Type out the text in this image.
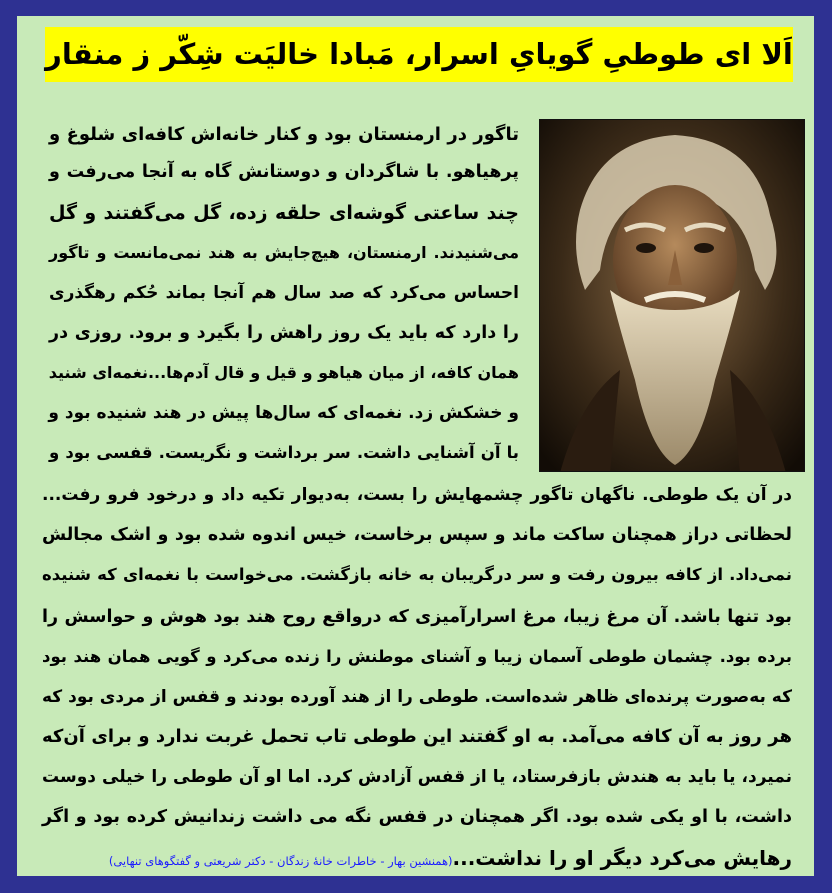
اَلا ای طوطیِ گویایِ اسرار، مَبادا خالیَت شِکّر ز منقار
تاگور در ارمنستان بود و کنار خانه‌اش کافه‌ای شلوغ و
پرهیاهو. با شاگردان و دوستانش گاه به آنجا می‌رفت و
چند ساعتی گوشه‌ای حلقه زده، گل می‌گفتند و گل
می‌شنیدند. ارمنستان، هیچ‌جایش به هند نمی‌مانست و تاگور
احساس می‌کرد که صد سال هم آنجا بماند حُکم رهگذری
را دارد که باید یک روز راهش را بگیرد و برود. روزی در
همان کافه، از میان هیاهو و قیل و قال آدم‌ها...نغمه‌ای شنید
و خشکش زد. نغمه‌ای که سال‌ها پیش در هند شنیده بود و
با آن آشنایی داشت. سر برداشت و نگریست. قفسی بود و
در آن یک طوطی. ناگهان تاگور چشمهایش را بست، به‌دیوار تکیه داد و درخود فرو رفت...
لحظاتی دراز همچنان ساکت ماند و سپس برخاست، خیس اندوه شده بود و اشک مجالش
نمی‌داد. از کافه بیرون رفت و سر درگریبان به خانه بازگشت. می‌خواست با نغمه‌ای که شنیده
بود تنها باشد. آن مرغ زیبا، مرغ اسرارآمیزی که درواقع روح هند بود هوش و حواسش را
برده بود. چشمان طوطی آسمان زیبا و آشنای موطنش را زنده می‌کرد و گویی همان هند بود
که به‌صورت پرنده‌ای ظاهر شده‌است. طوطی را از هند آورده بودند و قفس از مردی بود که
هر روز به آن کافه می‌آمد. به او گفتند این طوطی تاب تحمل غربت ندارد و برای آن‌که
نمیرد، یا باید به هندش بازفرستاد، یا از قفس آزادش کرد. اما او آن طوطی را خیلی دوست
داشت، با او یکی شده بود. اگر همچنان در قفس نگه می داشت زندانیش کرده بود و اگر
رهایش می‌کرد دیگر او را نداشت...(همنشین بهار - خاطرات خانهٔ زندگان - دکتر شریعتی و گفتگوهای تنهایی)
